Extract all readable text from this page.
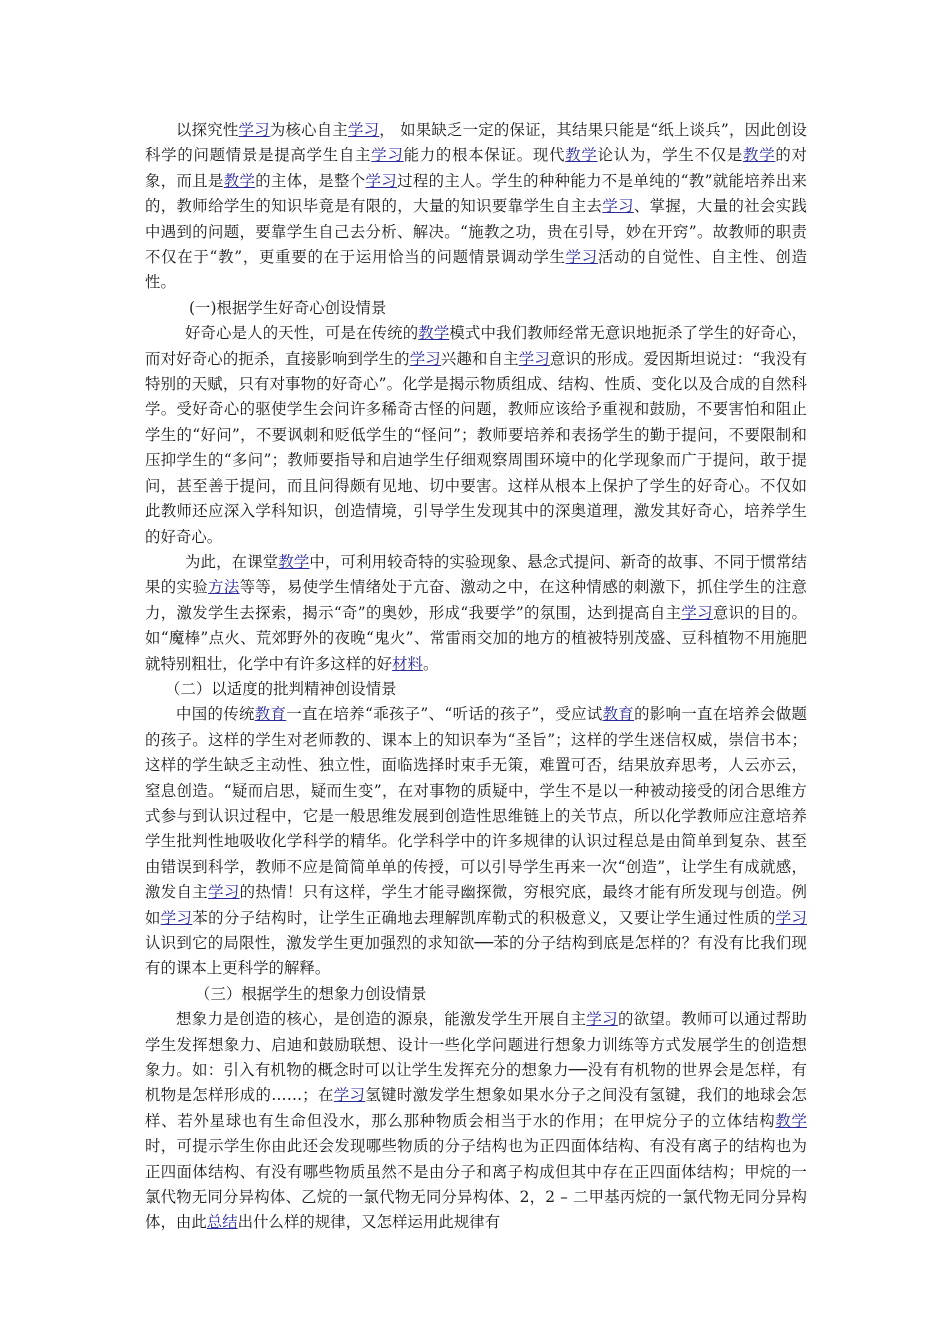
以探究性学习为核心自主学习， 如果缺乏一定的保证，其结果只能是“纸上谈兵”，因此创设科学的问题情景是提高学生自主学习能力的根本保证。现代教学论认为，学生不仅是教学的对象，而且是教学的主体，是整个学习过程的主人。学生的种种能力不是单纯的“教”就能培养出来的，教师给学生的知识毕竟是有限的，大量的知识要靠学生自主去学习、掌握，大量的社会实践中遇到的问题，要靠学生自己去分析、解决。“施教之功，贵在引导，妙在开窍”。故教师的职责不仅在于“教”，更重要的在于运用恰当的问题情景调动学生学习活动的自觉性、自主性、创造性。

(一)根据学生好奇心创设情景

好奇心是人的天性，可是在传统的教学模式中我们教师经常无意识地扼杀了学生的好奇心，而对好奇心的扼杀，直接影响到学生的学习兴趣和自主学习意识的形成。爱因斯坦说过：“我没有特别的天赋，只有对事物的好奇心”。化学是揭示物质组成、结构、性质、变化以及合成的自然科学。受好奇心的驱使学生会问许多稀奇古怪的问题，教师应该给予重视和鼓励，不要害怕和阻止学生的“好问”，不要讽刺和贬低学生的“怪问”；教师要培养和表扬学生的勤于提问，不要限制和压抑学生的“多问”；教师要指导和启迪学生仔细观察周围环境中的化学现象而广于提问，敢于提问，甚至善于提问，而且问得颇有见地、切中要害。这样从根本上保护了学生的好奇心。不仅如此教师还应深入学科知识，创造情境，引导学生发现其中的深奥道理，激发其好奇心，培养学生的好奇心。

为此，在课堂教学中，可利用较奇特的实验现象、悬念式提问、新奇的故事、不同于惯常结果的实验方法等等，易使学生情绪处于亢奋、激动之中，在这种情感的刺激下，抓住学生的注意力，激发学生去探索，揭示“奇”的奥妙，形成“我要学”的氛围，达到提高自主学习意识的目的。如“魔棒”点火、荒郊野外的夜晚“鬼火”、常雷雨交加的地方的植被特别茂盛、豆科植物不用施肥就特别粗壮，化学中有许多这样的好材料。

（二）以适度的批判精神创设情景

中国的传统教育一直在培养“乖孩子”、“听话的孩子”，受应试教育的影响一直在培养会做题的孩子。这样的学生对老师教的、课本上的知识奉为“圣旨”；这样的学生迷信权威，崇信书本；这样的学生缺乏主动性、独立性，面临选择时束手无策，难置可否，结果放弃思考，人云亦云，窒息创造。“疑而启思，疑而生变”，在对事物的质疑中，学生不是以一种被动接受的闭合思维方式参与到认识过程中，它是一般思维发展到创造性思维链上的关节点，所以化学教师应注意培养学生批判性地吸收化学科学的精华。化学科学中的许多规律的认识过程总是由简单到复杂、甚至由错误到科学，教师不应是简简单单的传授，可以引导学生再来一次“创造”，让学生有成就感，激发自主学习的热情！只有这样，学生才能寻幽探微，穷根究底，最终才能有所发现与创造。例如学习苯的分子结构时，让学生正确地去理解凯库勒式的积极意义，又要让学生通过性质的学习认识到它的局限性，激发学生更加强烈的求知欲──苯的分子结构到底是怎样的？有没有比我们现有的课本上更科学的解释。

（三）根据学生的想象力创设情景

想象力是创造的核心，是创造的源泉，能激发学生开展自主学习的欲望。教师可以通过帮助学生发挥想象力、启迪和鼓励联想、设计一些化学问题进行想象力训练等方式发展学生的创造想象力。如：引入有机物的概念时可以让学生发挥充分的想象力──没有有机物的世界会是怎样，有机物是怎样形成的……；在学习氢键时激发学生想象如果水分子之间没有氢键，我们的地球会怎样、若外星球也有生命但没水，那么那种物质会相当于水的作用；在甲烷分子的立体结构教学时，可提示学生你由此还会发现哪些物质的分子结构也为正四面体结构、有没有离子的结构也为正四面体结构、有没有哪些物质虽然不是由分子和离子构成但其中存在正四面体结构；甲烷的一氯代物无同分异构体、乙烷的一氯代物无同分异构体、2，2 – 二甲基丙烷的一氯代物无同分异构体，由此总结出什么样的规律，又怎样运用此规律有
